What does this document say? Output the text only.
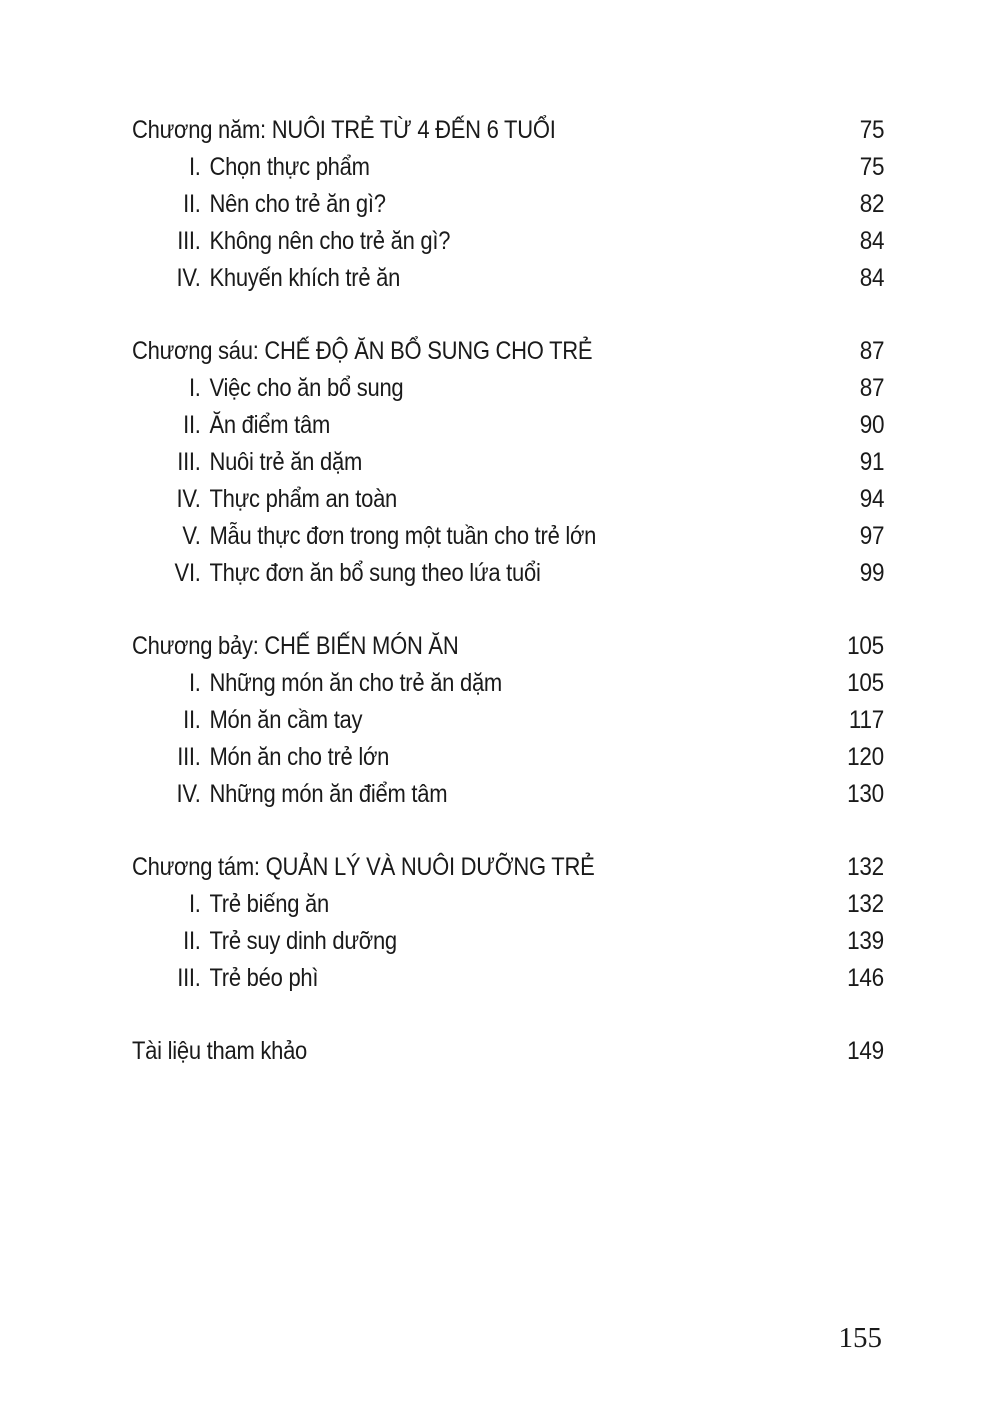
Chương năm: NUÔI TRẺ TỪ 4 ĐẾN 6 TUỔI	75
I. Chọn thực phẩm	75
II. Nên cho trẻ ăn gì?	82
III. Không nên cho trẻ ăn gì?	84
IV. Khuyến khích trẻ ăn	84
Chương sáu: CHẾ ĐỘ ĂN BỔ SUNG CHO TRẺ	87
I. Việc cho ăn bổ sung	87
II. Ăn điểm tâm	90
III. Nuôi trẻ ăn dặm	91
IV. Thực phẩm an toàn	94
V. Mẫu thực đơn trong một tuần cho trẻ lớn	97
VI. Thực đơn ăn bổ sung theo lứa tuổi	99
Chương bảy: CHẾ BIẾN MÓN ĂN	105
I. Những món ăn cho trẻ ăn dặm	105
II. Món ăn cầm tay	117
III. Món ăn cho trẻ lớn	120
IV. Những món ăn điểm tâm	130
Chương tám: QUẢN LÝ VÀ NUÔI DƯỠNG TRẺ	132
I. Trẻ biếng ăn	132
II. Trẻ suy dinh dưỡng	139
III. Trẻ béo phì	146
Tài liệu tham khảo	149
155
